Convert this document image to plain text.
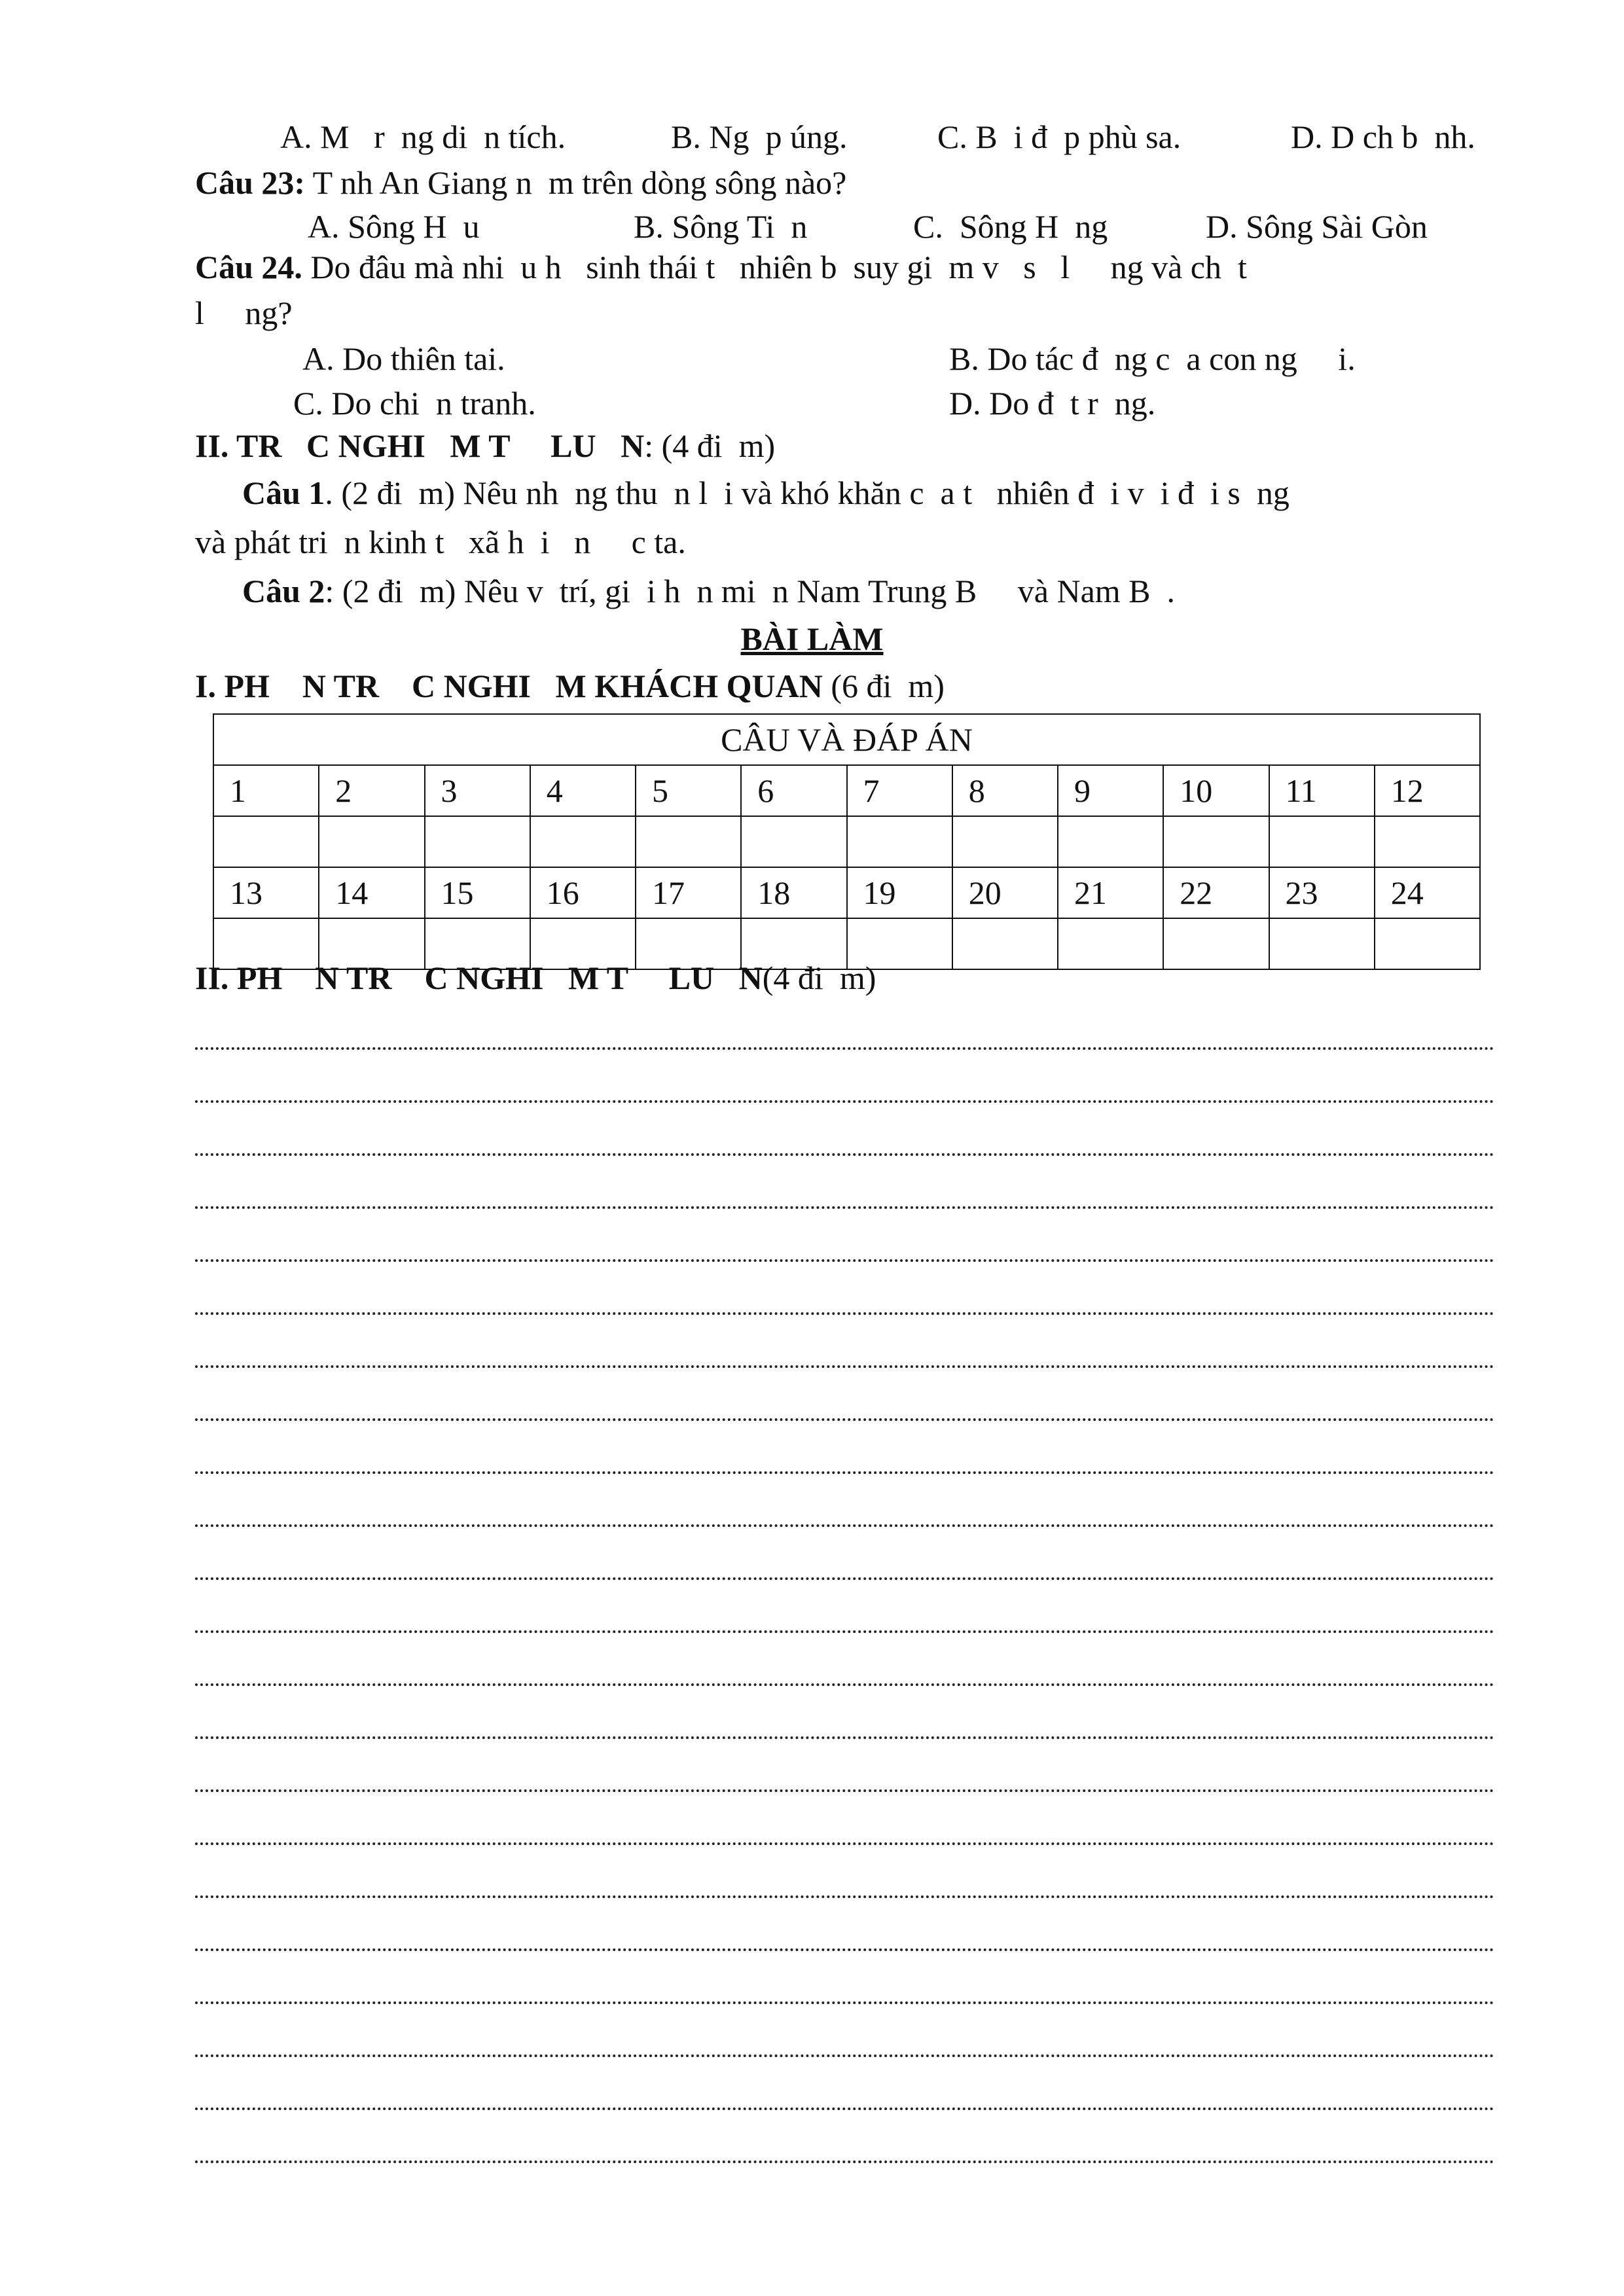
A. M   r  ng di  n tích.	B. Ng  p úng.	C. B  i đ  p phù sa.	D. D ch b  nh.
Câu 23: T nh An Giang n  m trên dòng sông nào?
A. Sông H  u	B. Sông Ti  n	C.  Sông H  ng	D. Sông Sài Gòn
Câu 24. Do đâu mà nhi  u h   sinh thái t   nhiên b  suy gi  m v   s   l     ng và ch  t
l     ng?
A. Do thiên tai.	B. Do tác đ  ng c  a con ng     i.
C. Do chi  n tranh.	D. Do đ  t r  ng.
II. TR   C NGHI   M T     LU   N: (4 đi  m)
Câu 1. (2 đi  m) Nêu nh  ng thu  n l  i và khó khăn c  a t   nhiên đ  i v  i đ  i s  ng
và phát tri  n kinh t   xã h  i   n     c ta.
Câu 2: (2 đi  m) Nêu v  trí, gi  i h  n mi  n Nam Trung B     và Nam B  .
BÀI LÀM
I. PH    N TR    C NGHI   M KHÁCH QUAN (6 đi  m)
CÂU VÀ ĐÁP ÁN											
1	2	3	4	5	6	7	8	9	10	11	12

13	14	15	16	17	18	19	20	21	22	23	24

II. PH    N TR    C NGHI   M T     LU   N(4 đi  m)
